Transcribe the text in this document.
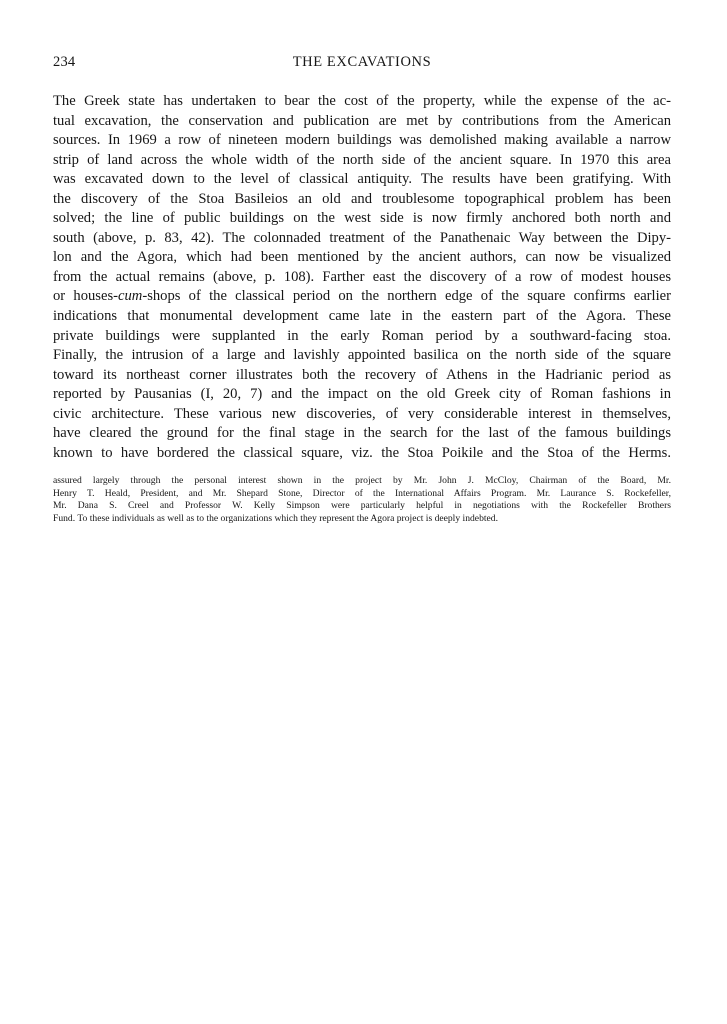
234	THE EXCAVATIONS
The Greek state has undertaken to bear the cost of the property, while the expense of the ac-
tual excavation, the conservation and publication are met by contributions from the American
sources. In 1969 a row of nineteen modern buildings was demolished making available a narrow
strip of land across the whole width of the north side of the ancient square. In 1970 this area
was excavated down to the level of classical antiquity. The results have been gratifying. With
the discovery of the Stoa Basileios an old and troublesome topographical problem has been
solved; the line of public buildings on the west side is now firmly anchored both north and
south (above, p. 83, 42). The colonnaded treatment of the Panathenaic Way between the Dipy-
lon and the Agora, which had been mentioned by the ancient authors, can now be visualized
from the actual remains (above, p. 108). Farther east the discovery of a row of modest houses
or houses-cum-shops of the classical period on the northern edge of the square confirms earlier
indications that monumental development came late in the eastern part of the Agora. These
private buildings were supplanted in the early Roman period by a southward-facing stoa.
Finally, the intrusion of a large and lavishly appointed basilica on the north side of the square
toward its northeast corner illustrates both the recovery of Athens in the Hadrianic period as
reported by Pausanias (I, 20, 7) and the impact on the old Greek city of Roman fashions in
civic architecture. These various new discoveries, of very considerable interest in themselves,
have cleared the ground for the final stage in the search for the last of the famous buildings
known to have bordered the classical square, viz. the Stoa Poikile and the Stoa of the Herms.
assured largely through the personal interest shown in the project by Mr. John J. McCloy, Chairman of the Board, Mr.
Henry T. Heald, President, and Mr. Shepard Stone, Director of the International Affairs Program. Mr. Laurance S. Rockefeller,
Mr. Dana S. Creel and Professor W. Kelly Simpson were particularly helpful in negotiations with the Rockefeller Brothers
Fund. To these individuals as well as to the organizations which they represent the Agora project is deeply indebted.
